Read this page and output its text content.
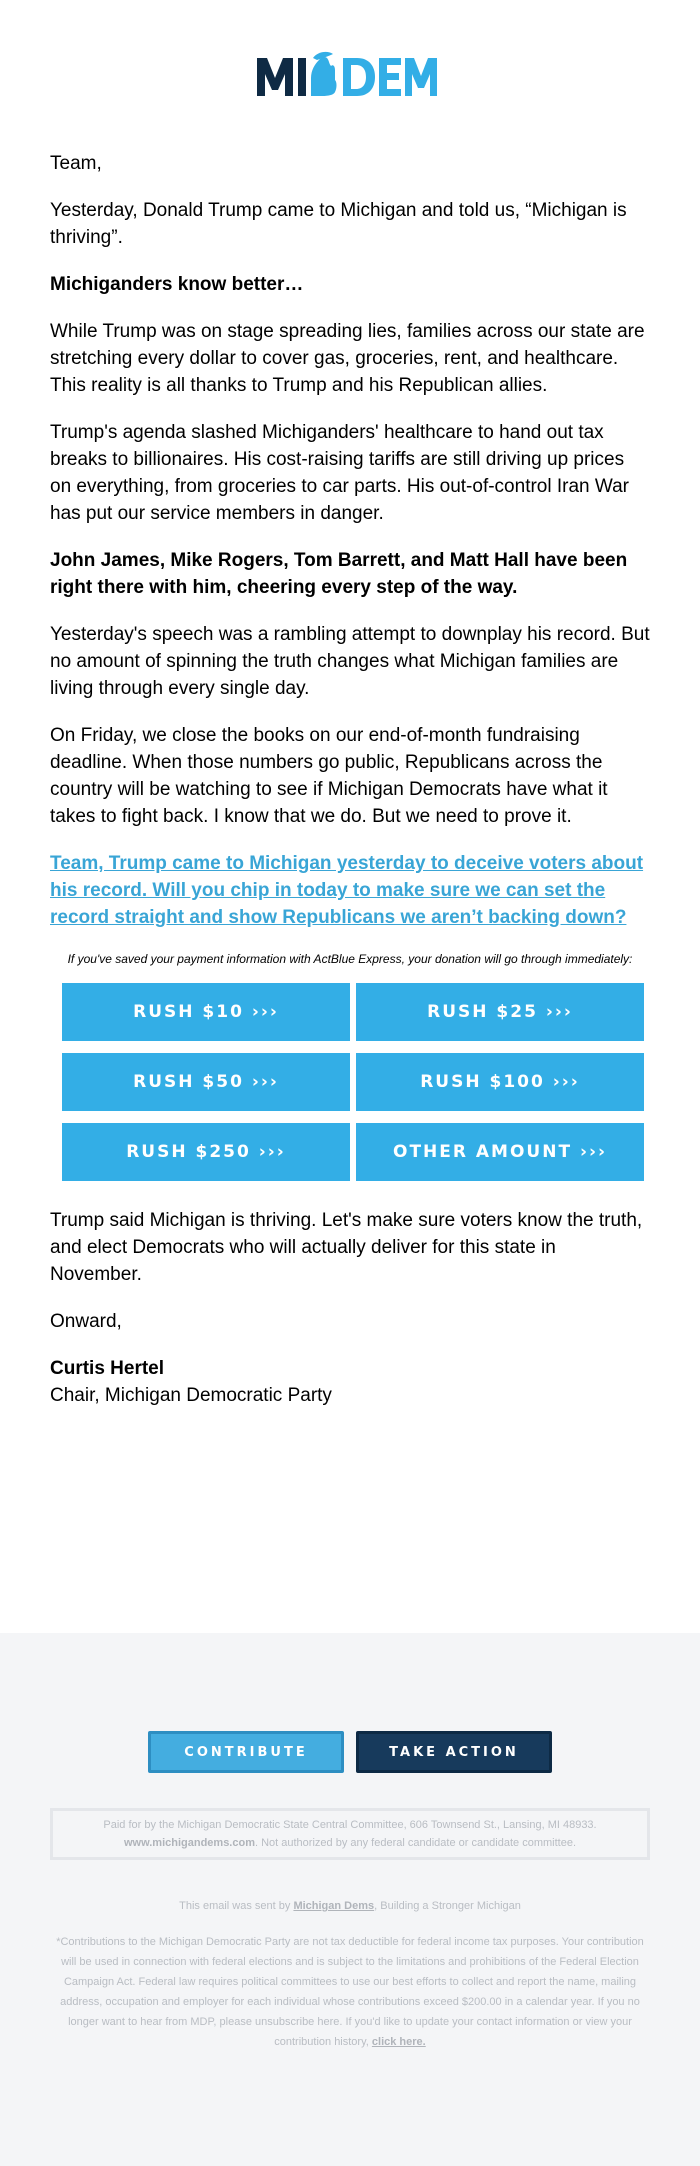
Team,

Yesterday, Donald Trump came to Michigan and told us, “Michigan is thriving”.

Michiganders know better…

While Trump was on stage spreading lies, families across our state are stretching every dollar to cover gas, groceries, rent, and healthcare. This reality is all thanks to Trump and his Republican allies.

Trump's agenda slashed Michiganders' healthcare to hand out tax breaks to billionaires. His cost-raising tariffs are still driving up prices on everything, from groceries to car parts. His out-of-control Iran War has put our service members in danger.

John James, Mike Rogers, Tom Barrett, and Matt Hall have been right there with him, cheering every step of the way.

Yesterday's speech was a rambling attempt to downplay his record. But no amount of spinning the truth changes what Michigan families are living through every single day.

On Friday, we close the books on our end-of-month fundraising deadline. When those numbers go public, Republicans across the country will be watching to see if Michigan Democrats have what it takes to fight back. I know that we do. But we need to prove it.

Team, Trump came to Michigan yesterday to deceive voters about his record. Will you chip in today to make sure we can set the record straight and show Republicans we aren’t backing down?

If you've saved your payment information with ActBlue Express, your donation will go through immediately:

RUSH $10 ›››	RUSH $25 ›››
RUSH $50 ›››	RUSH $100 ›››
RUSH $250 ›››	OTHER AMOUNT ›››

Trump said Michigan is thriving. Let's make sure voters know the truth, and elect Democrats who will actually deliver for this state in November.

Onward,

Curtis Hertel

Chair, Michigan Democratic Party

CONTRIBUTE	TAKE ACTION
Paid for by the Michigan Democratic State Central Committee, 606 Townsend St., Lansing, MI 48933.
www.michigandems.com. Not authorized by any federal candidate or candidate committee.
This email was sent by Michigan Dems, Building a Stronger Michigan
*Contributions to the Michigan Democratic Party are not tax deductible for federal income tax purposes. Your contribution will be used in connection with federal elections and is subject to the limitations and prohibitions of the Federal Election Campaign Act. Federal law requires political committees to use our best efforts to collect and report the name, mailing address, occupation and employer for each individual whose contributions exceed $200.00 in a calendar year. If you no longer want to hear from MDP, please unsubscribe here. If you'd like to update your contact information or view your contribution history, click here.
